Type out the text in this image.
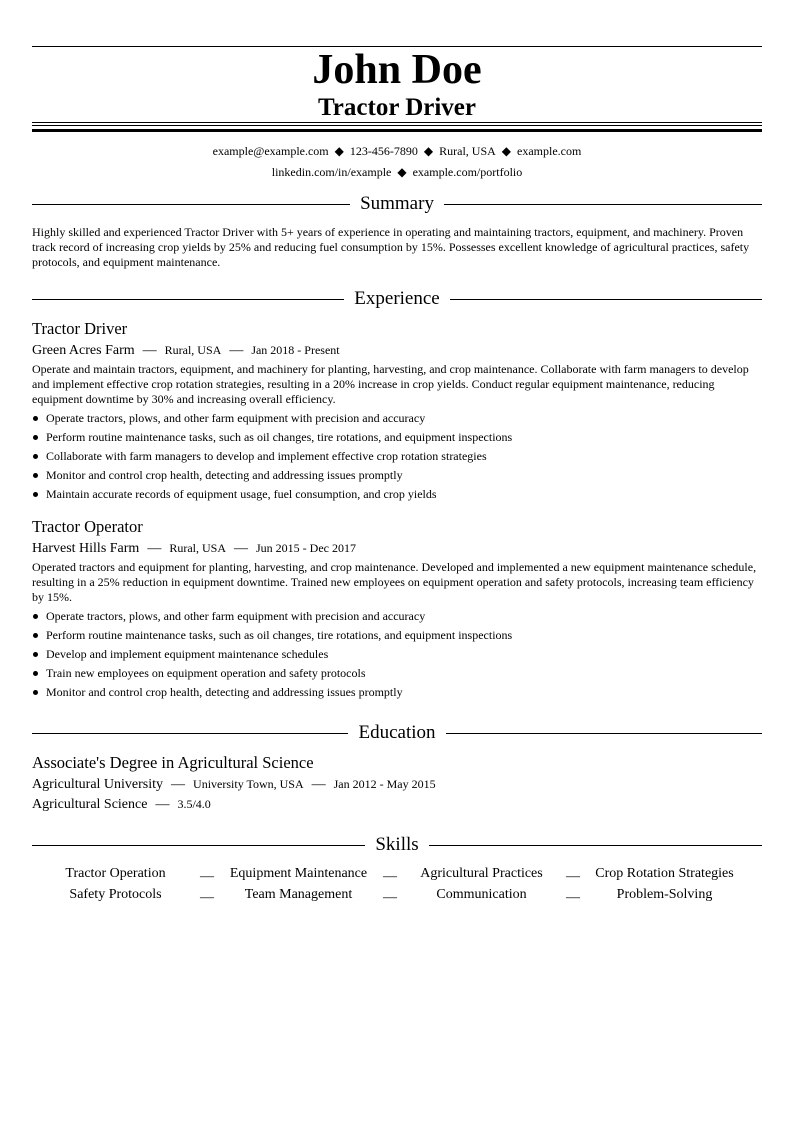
John Doe
Tractor Driver
example@example.com ◆ 123-456-7890 ◆ Rural, USA ◆ example.com
linkedin.com/in/example ◆ example.com/portfolio
Summary
Highly skilled and experienced Tractor Driver with 5+ years of experience in operating and maintaining tractors, equipment, and machinery. Proven track record of increasing crop yields by 25% and reducing fuel consumption by 15%. Possesses excellent knowledge of agricultural practices, safety protocols, and equipment maintenance.
Experience
Tractor Driver
Green Acres Farm — Rural, USA — Jan 2018 - Present
Operate and maintain tractors, equipment, and machinery for planting, harvesting, and crop maintenance. Collaborate with farm managers to develop and implement effective crop rotation strategies, resulting in a 20% increase in crop yields. Conduct regular equipment maintenance, reducing equipment downtime by 30% and increasing overall efficiency.
Operate tractors, plows, and other farm equipment with precision and accuracy
Perform routine maintenance tasks, such as oil changes, tire rotations, and equipment inspections
Collaborate with farm managers to develop and implement effective crop rotation strategies
Monitor and control crop health, detecting and addressing issues promptly
Maintain accurate records of equipment usage, fuel consumption, and crop yields
Tractor Operator
Harvest Hills Farm — Rural, USA — Jun 2015 - Dec 2017
Operated tractors and equipment for planting, harvesting, and crop maintenance. Developed and implemented a new equipment maintenance schedule, resulting in a 25% reduction in equipment downtime. Trained new employees on equipment operation and safety protocols, increasing team efficiency by 15%.
Operate tractors, plows, and other farm equipment with precision and accuracy
Perform routine maintenance tasks, such as oil changes, tire rotations, and equipment inspections
Develop and implement equipment maintenance schedules
Train new employees on equipment operation and safety protocols
Monitor and control crop health, detecting and addressing issues promptly
Education
Associate's Degree in Agricultural Science
Agricultural University — University Town, USA — Jan 2012 - May 2015
Agricultural Science — 3.5/4.0
Skills
Tractor Operation	—	Equipment Maintenance	—	Agricultural Practices	—	Crop Rotation Strategies
Safety Protocols	—	Team Management	—	Communication	—	Problem-Solving
